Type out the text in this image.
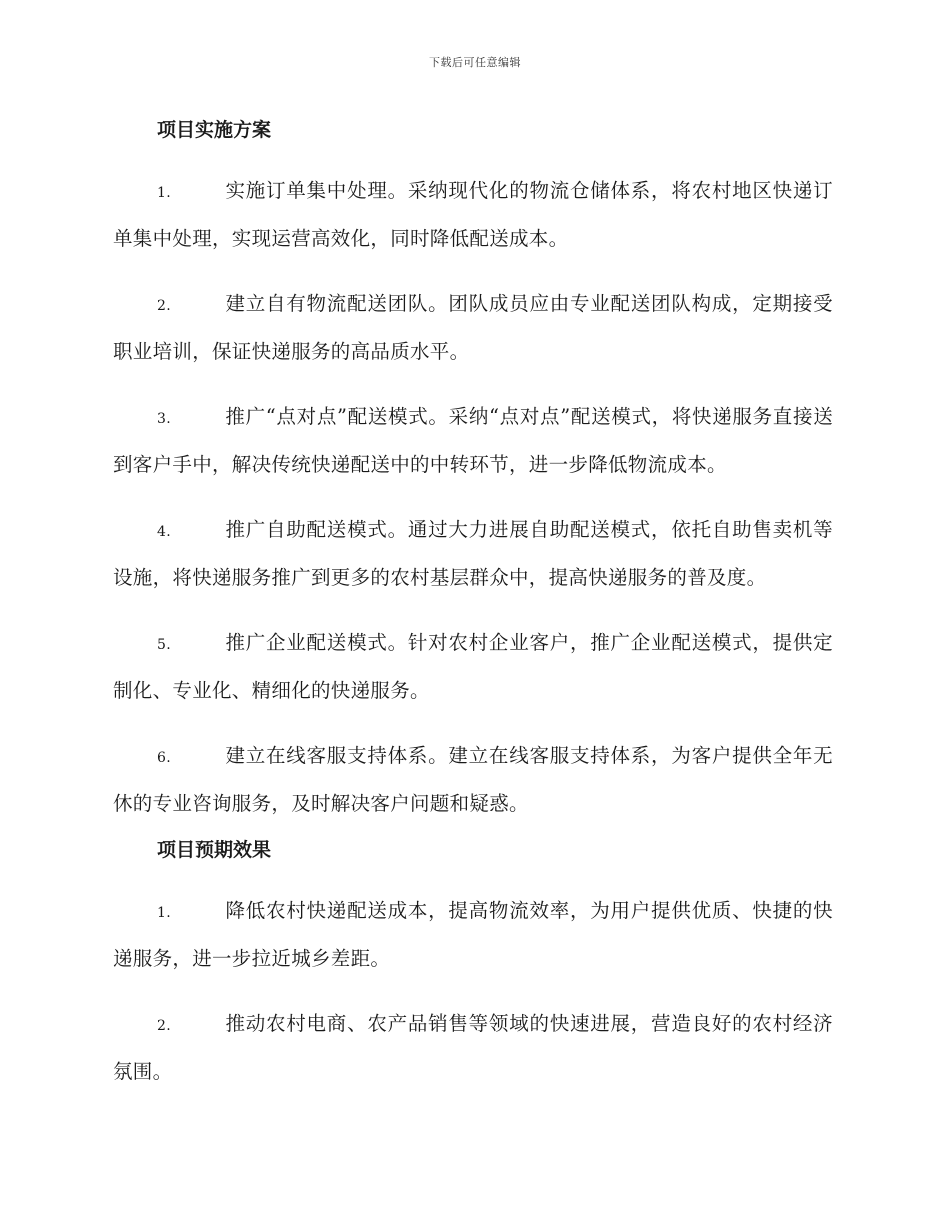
下载后可任意编辑
项目实施方案
1.	实施订单集中处理。采纳现代化的物流仓储体系，将农村地区快递订单集中处理，实现运营高效化，同时降低配送成本。
2.	建立自有物流配送团队。团队成员应由专业配送团队构成，定期接受职业培训，保证快递服务的高品质水平。
3.	推广“点对点”配送模式。采纳“点对点”配送模式，将快递服务直接送到客户手中，解决传统快递配送中的中转环节，进一步降低物流成本。
4.	推广自助配送模式。通过大力进展自助配送模式，依托自助售卖机等设施，将快递服务推广到更多的农村基层群众中，提高快递服务的普及度。
5.	推广企业配送模式。针对农村企业客户，推广企业配送模式，提供定制化、专业化、精细化的快递服务。
6.	建立在线客服支持体系。建立在线客服支持体系，为客户提供全年无休的专业咨询服务，及时解决客户问题和疑惑。
项目预期效果
1.	降低农村快递配送成本，提高物流效率，为用户提供优质、快捷的快递服务，进一步拉近城乡差距。
2.	推动农村电商、农产品销售等领域的快速进展，营造良好的农村经济氛围。
